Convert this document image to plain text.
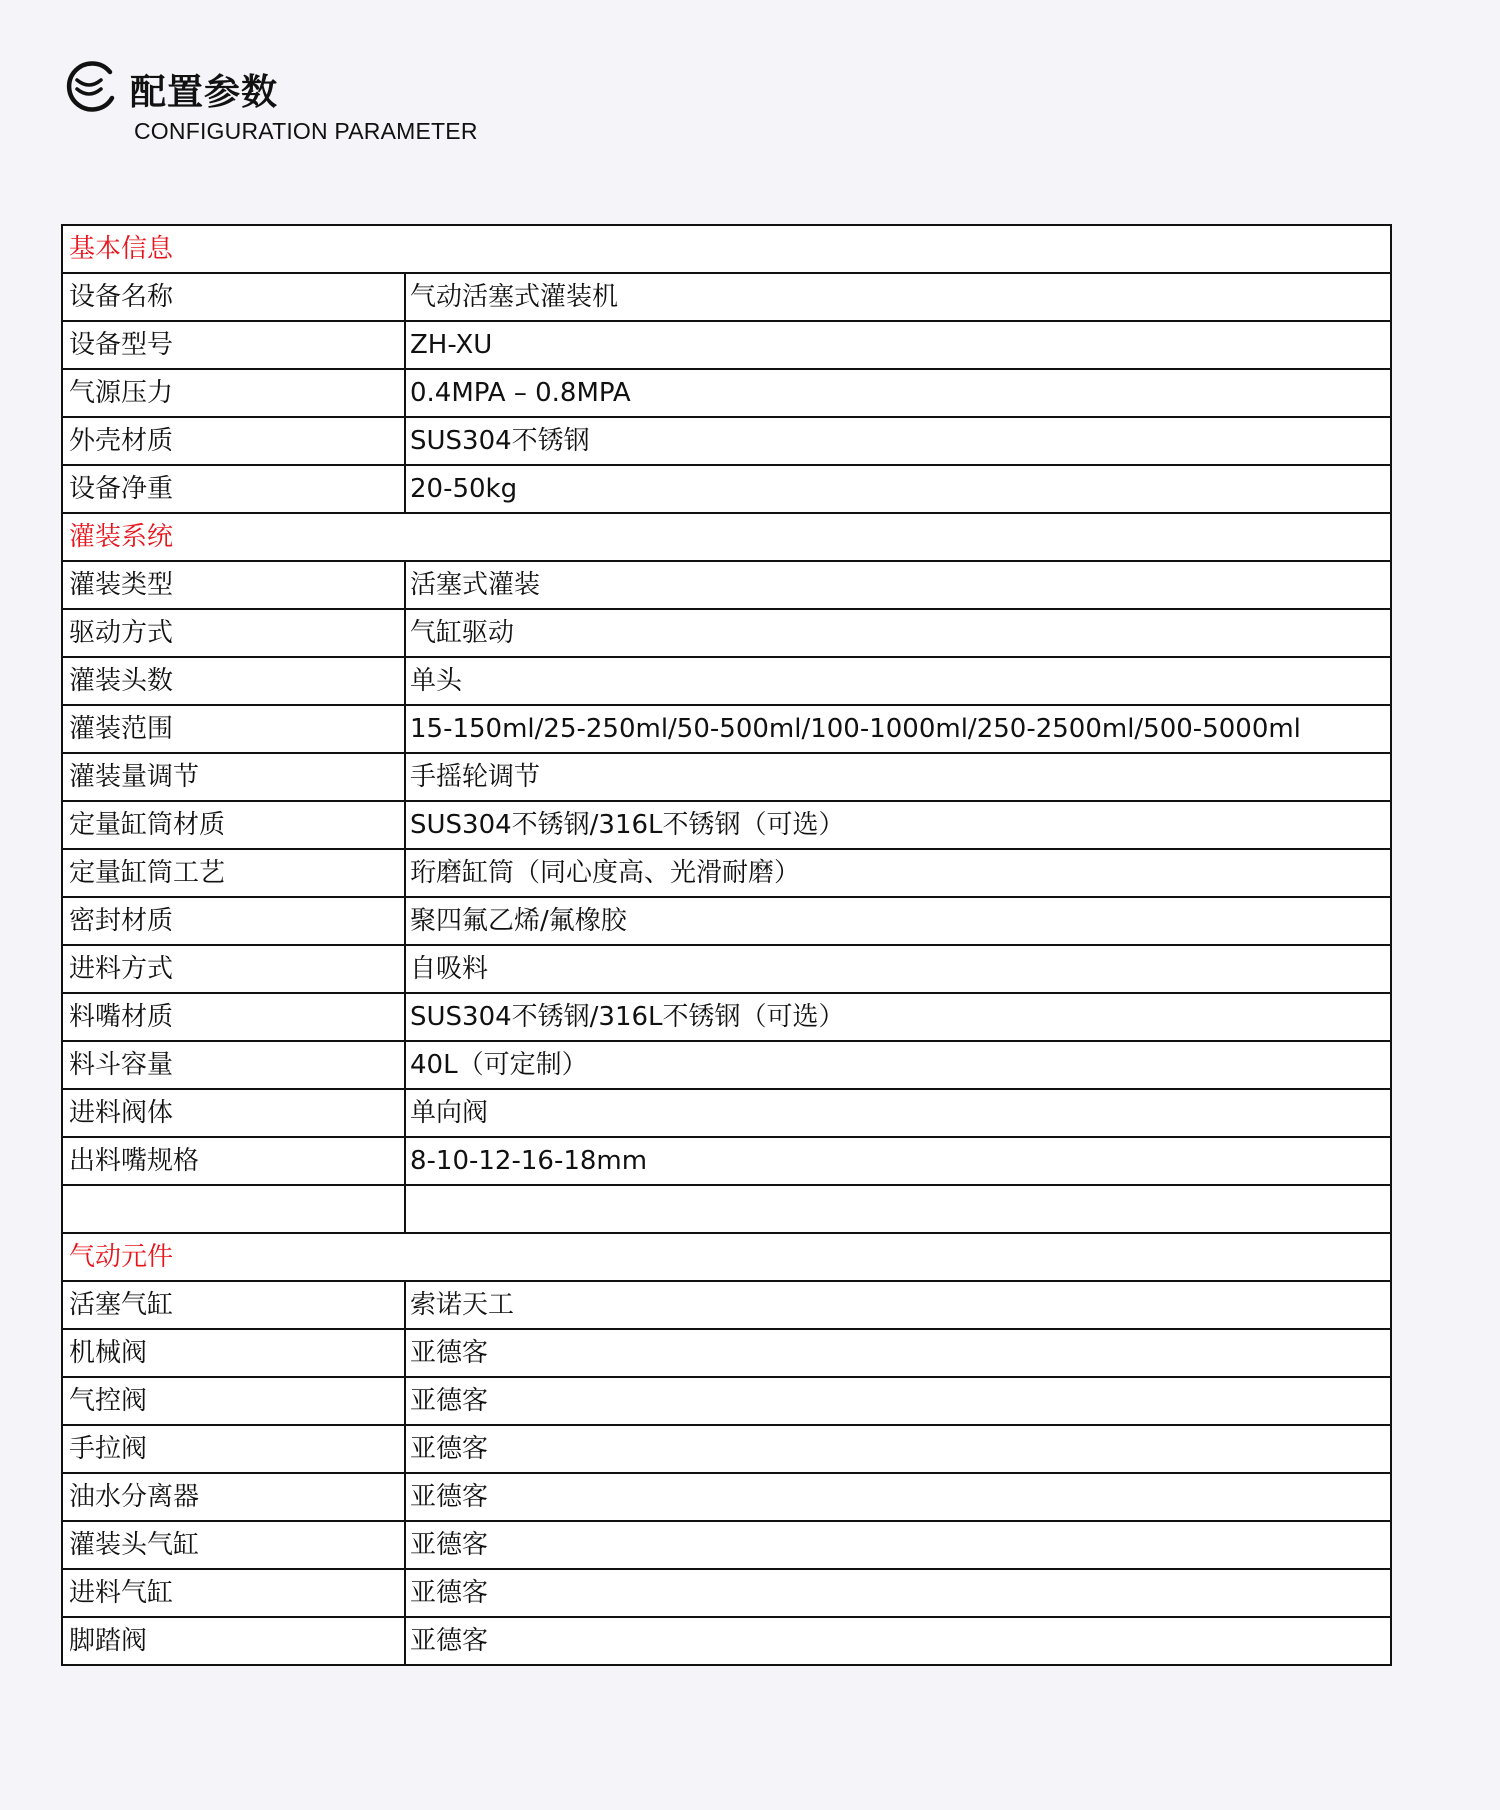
配置参数
CONFIGURATION PARAMETER
基本信息	
设备名称	气动活塞式灌装机
设备型号	ZH-XU
气源压力	0.4MPA – 0.8MPA
外壳材质	SUS304不锈钢
设备净重	20-50kg
灌装系统	
灌装类型	活塞式灌装
驱动方式	气缸驱动
灌装头数	单头
灌装范围	15-150ml/25-250ml/50-500ml/100-1000ml/250-2500ml/500-5000ml
灌装量调节	手摇轮调节
定量缸筒材质	SUS304不锈钢/316L不锈钢（可选）
定量缸筒工艺	珩磨缸筒（同心度高、光滑耐磨）
密封材质	聚四氟乙烯/氟橡胶
进料方式	自吸料
料嘴材质	SUS304不锈钢/316L不锈钢（可选）
料斗容量	40L（可定制）
进料阀体	单向阀
出料嘴规格	8-10-12-16-18mm

气动元件	
活塞气缸	索诺天工
机械阀	亚德客
气控阀	亚德客
手拉阀	亚德客
油水分离器	亚德客
灌装头气缸	亚德客
进料气缸	亚德客
脚踏阀	亚德客
